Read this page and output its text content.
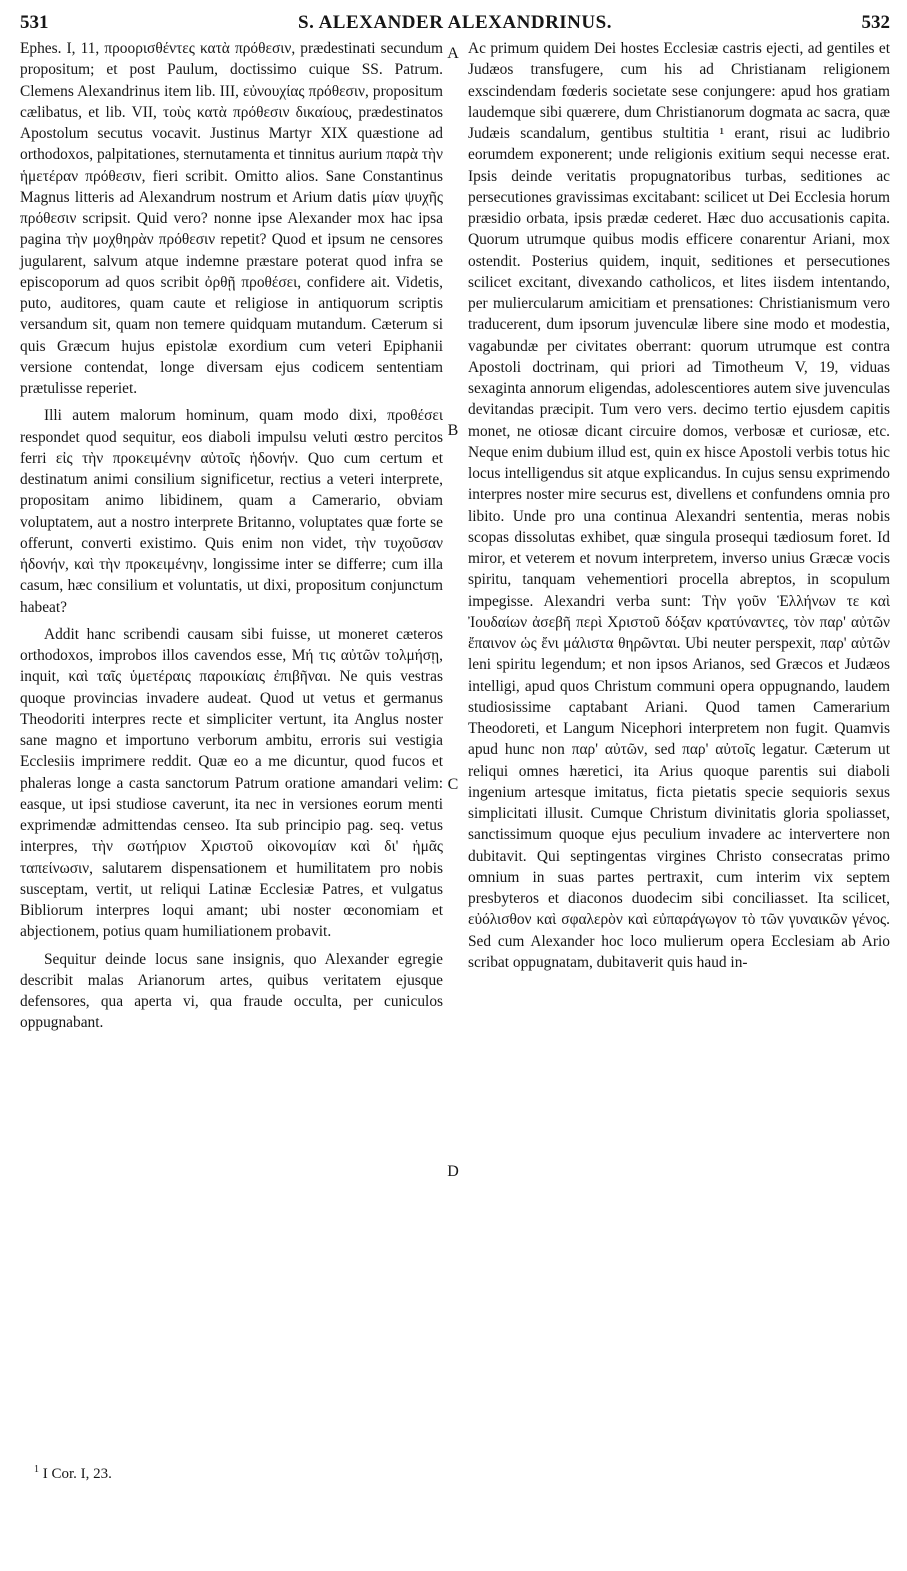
531	S. ALEXANDER ALEXANDRINUS.	532

Ephes. I, 11, προορισθέντες κατὰ πρόθεσιν, prædestinati secundum propositum; et post Paulum, doctissimo cuique SS. Patrum. Clemens Alexandrinus item lib. III, εὐνουχίας πρόθεσιν, propositum cælibatus, et lib. VII, τοὺς κατὰ πρόθεσιν δικαίους, prædestinatos Apostolum secutus vocavit. Justinus Martyr XIX quæstione ad orthodoxos, palpitationes, sternutamenta et tinnitus aurium παρὰ τὴν ἡμετέραν πρόθεσιν, fieri scribit. Omitto alios. Sane Constantinus Magnus litteris ad Alexandrum nostrum et Arium datis μίαν ψυχῆς πρόθεσιν scripsit. Quid vero? nonne ipse Alexander mox hac ipsa pagina τὴν μοχθηρὰν πρόθεσιν repetit? Quod et ipsum ne censores jugularent, salvum atque indemne præstare poterat quod infra se episcoporum ad quos scribit ὀρθῇ προθέσει, confidere ait. Videtis, puto, auditores, quam caute et religiose in antiquorum scriptis versandum sit, quam non temere quidquam mutandum. Cæterum si quis Græcum hujus epistolæ exordium cum veteri Epiphanii versione contendat, longe diversam ejus codicem sententiam prætulisse reperiet.

Illi autem malorum hominum, quam modo dixi, προθέσει respondet quod sequitur, eos diaboli impulsu veluti œstro percitos ferri εἰς τὴν προκειμένην αὐτοῖς ἡδονήν. Quo cum certum et destinatum animi consilium significetur, rectius a veteri interprete, propositam animo libidinem, quam a Camerario, obviam voluptatem, aut a nostro interprete Britanno, voluptates quæ forte se offerunt, converti existimo. Quis enim non videt, τὴν τυχοῦσαν ἡδονήν, καὶ τὴν προκειμένην, longissime inter se differre; cum illa casum, hæc consilium et voluntatis, ut dixi, propositum conjunctum habeat?

Addit hanc scribendi causam sibi fuisse, ut moneret cæteros orthodoxos, improbos illos cavendos esse, Μή τις αὐτῶν τολμήσῃ, inquit, καὶ ταῖς ὑμετέραις παροικίαις ἐπιβῆναι. Ne quis vestras quoque provincias invadere audeat. Quod ut vetus et germanus Theodoriti interpres recte et simpliciter vertunt, ita Anglus noster sane magno et importuno verborum ambitu, erroris sui vestigia Ecclesiis imprimere reddit. Quæ eo a me dicuntur, quod fucos et phaleras longe a casta sanctorum Patrum oratione amandari velim: easque, ut ipsi studiose caverunt, ita nec in versiones eorum menti exprimendæ admittendas censeo. Ita sub principio pag. seq. vetus interpres, τὴν σωτήριον Χριστοῦ οἰκονομίαν καὶ δι' ἡμᾶς ταπείνωσιν, salutarem dispensationem et humilitatem pro nobis susceptam, vertit, ut reliqui Latinæ Ecclesiæ Patres, et vulgatus Bibliorum interpres loqui amant; ubi noster œconomiam et abjectionem, potius quam humiliationem probavit.

Sequitur deinde locus sane insignis, quo Alexander egregie describit malas Arianorum artes, quibus veritatem ejusque defensores, qua aperta vi, qua fraude occulta, per cuniculos oppugnabant.

A
B
C
D

Ac primum quidem Dei hostes Ecclesiæ castris ejecti, ad gentiles et Judæos transfugere, cum his ad Christianam religionem exscindendam fœderis societate sese conjungere: apud hos gratiam laudemque sibi quærere, dum Christianorum dogmata ac sacra, quæ Judæis scandalum, gentibus stultitia ¹ erant, risui ac ludibrio eorumdem exponerent; unde religionis exitium sequi necesse erat. Ipsis deinde veritatis propugnatoribus turbas, seditiones ac persecutiones gravissimas excitabant: scilicet ut Dei Ecclesia horum præsidio orbata, ipsis prædæ cederet. Hæc duo accusationis capita. Quorum utrumque quibus modis efficere conarentur Ariani, mox ostendit. Posterius quidem, inquit, seditiones et persecutiones scilicet excitant, divexando catholicos, et lites iisdem intentando, per muliercularum amicitiam et prensationes: Christianismum vero traducerent, dum ipsorum juvenculæ libere sine modo et modestia, vagabundæ per civitates oberrant: quorum utrumque est contra Apostoli doctrinam, qui priori ad Timotheum V, 19, viduas sexaginta annorum eligendas, adolescentiores autem sive juvenculas devitandas præcipit. Tum vero vers. decimo tertio ejusdem capitis monet, ne otiosæ dicant circuire domos, verbosæ et curiosæ, etc. Neque enim dubium illud est, quin ex hisce Apostoli verbis totus hic locus intelligendus sit atque explicandus. In cujus sensu exprimendo interpres noster mire securus est, divellens et confundens omnia pro libito. Unde pro una continua Alexandri sententia, meras nobis scopas dissolutas exhibet, quæ singula prosequi tædiosum foret. Id miror, et veterem et novum interpretem, inverso unius Græcæ vocis spiritu, tanquam vehementiori procella abreptos, in scopulum impegisse. Alexandri verba sunt: Τὴν γοῦν Ἑλλήνων τε καὶ Ἰουδαίων ἀσεβῆ περὶ Χριστοῦ δόξαν κρατύναντες, τὸν παρ' αὐτῶν ἔπαινον ὡς ἔνι μάλιστα θηρῶνται. Ubi neuter perspexit, παρ' αὐτῶν leni spiritu legendum; et non ipsos Arianos, sed Græcos et Judæos intelligi, apud quos Christum communi opera oppugnando, laudem studiosissime captabant Ariani. Quod tamen Camerarium Theodoreti, et Langum Nicephori interpretem non fugit. Quamvis apud hunc non παρ' αὐτῶν, sed παρ' αὐτοῖς legatur. Cæterum ut reliqui omnes hæretici, ita Arius quoque parentis sui diaboli ingenium artesque imitatus, ficta pietatis specie sequioris sexus simplicitati illusit. Cumque Christum divinitatis gloria spoliasset, sanctissimum quoque ejus peculium invadere ac intervertere non dubitavit. Qui septingentas virgines Christo consecratas primo omnium in suas partes pertraxit, cum interim vix septem presbyteros et diaconos duodecim sibi conciliasset. Ita scilicet, εὐόλισθον καὶ σφαλερὸν καὶ εὐπαράγωγον τὸ τῶν γυναικῶν γένος. Sed cum Alexander hoc loco mulierum opera Ecclesiam ab Ario scribat oppugnatam, dubitaverit quis haud in-

$^1$ I Cor. I, 23.
